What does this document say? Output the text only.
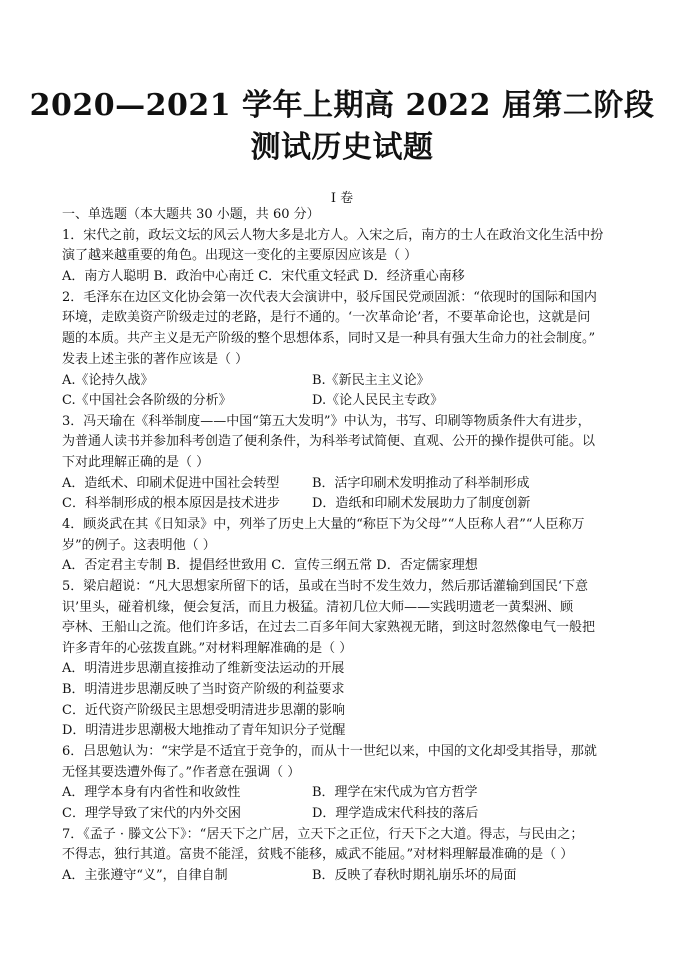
2020—2021 学年上期高 2022 届第二阶段
测试历史试题
I 卷
一、单选题（本大题共 30 小题，共 60 分）
1．宋代之前，政坛文坛的风云人物大多是北方人。入宋之后，南方的士人在政治文化生活中扮
演了越来越重要的角色。出现这一变化的主要原因应该是（ ）
A．南方人聪明 B．政治中心南迁 C．宋代重文轻武 D．经济重心南移
2．毛泽东在边区文化协会第一次代表大会演讲中，驳斥国民党顽固派：“依现时的国际和国内
环境，走欧美资产阶级走过的老路，是行不通的。‘一次革命论’者，不要革命论也，这就是问
题的本质。共产主义是无产阶级的整个思想体系，同时又是一种具有强大生命力的社会制度。”
发表上述主张的著作应该是（ ）
A.《论持久战》	B.《新民主主义论》
C.《中国社会各阶级的分析》	D.《论人民民主专政》
3．冯天瑜在《科举制度——中国“第五大发明”》中认为，书写、印刷等物质条件大有进步，
为普通人读书并参加科考创造了便利条件，为科举考试简便、直观、公开的操作提供可能。以
下对此理解正确的是（ ）
A．造纸术、印刷术促进中国社会转型	B．活字印刷术发明推动了科举制形成
C．科举制形成的根本原因是技术进步 D．造纸和印刷术发展助力了制度创新
4．顾炎武在其《日知录》中，列举了历史上大量的“称臣下为父母”“人臣称人君”“人臣称万
岁”的例子。这表明他（ ）
A．否定君主专制 B．提倡经世致用 C．宣传三纲五常 D．否定儒家理想
5．梁启超说：“凡大思想家所留下的话，虽或在当时不发生效力，然后那话灌输到国民‘下意
识’里头，碰着机缘，便会复活，而且力极猛。清初几位大师——实践明遗老一黄梨洲、顾
亭林、王船山之流。他们许多话，在过去二百多年间大家熟视无睹，到这时忽然像电气一般把
许多青年的心弦拨直跳。”对材料理解准确的是（ ）
A．明清进步思潮直接推动了维新变法运动的开展
B．明清进步思潮反映了当时资产阶级的利益要求
C．近代资产阶级民主思想受明清进步思潮的影响
D．明清进步思潮极大地推动了青年知识分子觉醒
6．吕思勉认为：“宋学是不适宜于竞争的，而从十一世纪以来，中国的文化却受其指导，那就
无怪其要迭遭外侮了。”作者意在强调（ ）
A．理学本身有内省性和收敛性	B．理学在宋代成为官方哲学
C．理学导致了宋代的内外交困	D．理学造成宋代科技的落后
7．《孟子 · 滕文公下》：“居天下之广居，立天下之正位，行天下之大道。得志，与民由之；
不得志，独行其道。富贵不能淫，贫贱不能移，威武不能屈。”对材料理解最准确的是（ ）
A．主张遵守“义”，自律自制	B．反映了春秋时期礼崩乐坏的局面
